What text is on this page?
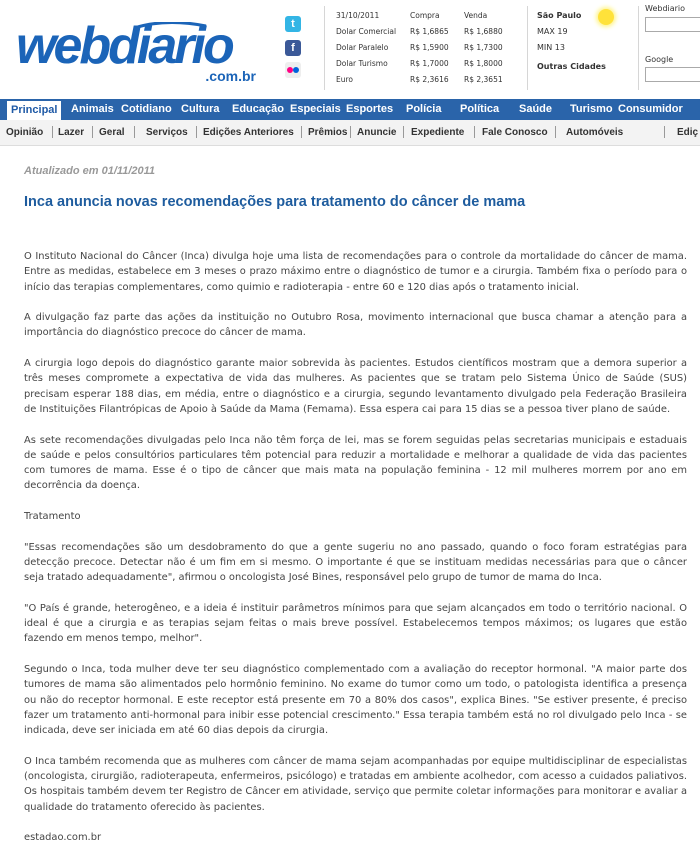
webdiario
.com.br
t
f
31/10/2011	Compra	Venda
Dolar Comercial R$ 1,6865 R$ 1,6880
Dolar Paralelo	R$ 1,5900 R$ 1,7300
Dolar Turismo	R$ 1,7000 R$ 1,8000
Euro	R$ 2,3616 R$ 2,3651
São Paulo
MAX 19
MIN 13
Outras Cidades
Webdiario
Google
Principal	Animais Cotidiano Cultura Educação Especiais Esportes Polícia Política Saúde Turismo Consumidor
Opinião Lazer Geral Serviços Edições Anteriores Prêmios Anuncie Expediente Fale Conosco Automóveis	Ediç
Atualizado em 01/11/2011
Inca anuncia novas recomendações para tratamento do câncer de mama

O Instituto Nacional do Câncer (Inca) divulga hoje uma lista de recomendações para o controle da mortalidade do câncer de mama. Entre as medidas, estabelece em 3 meses o prazo máximo entre o diagnóstico de tumor e a cirurgia. Também fixa o período para o início das terapias complementares, como quimio e radioterapia - entre 60 e 120 dias após o tratamento inicial.

A divulgação faz parte das ações da instituição no Outubro Rosa, movimento internacional que busca chamar a atenção para a importância do diagnóstico precoce do câncer de mama.

A cirurgia logo depois do diagnóstico garante maior sobrevida às pacientes. Estudos científicos mostram que a demora superior a três meses compromete a expectativa de vida das mulheres. As pacientes que se tratam pelo Sistema Único de Saúde (SUS) precisam esperar 188 dias, em média, entre o diagnóstico e a cirurgia, segundo levantamento divulgado pela Federação Brasileira de Instituições Filantrópicas de Apoio à Saúde da Mama (Femama). Essa espera cai para 15 dias se a pessoa tiver plano de saúde.

As sete recomendações divulgadas pelo Inca não têm força de lei, mas se forem seguidas pelas secretarias municipais e estaduais de saúde e pelos consultórios particulares têm potencial para reduzir a mortalidade e melhorar a qualidade de vida das pacientes com tumores de mama. Esse é o tipo de câncer que mais mata na população feminina - 12 mil mulheres morrem por ano em decorrência da doença.

Tratamento

"Essas recomendações são um desdobramento do que a gente sugeriu no ano passado, quando o foco foram estratégias para detecção precoce. Detectar não é um fim em si mesmo. O importante é que se instituam medidas necessárias para que o câncer seja tratado adequadamente", afirmou o oncologista José Bines, responsável pelo grupo de tumor de mama do Inca.

"O País é grande, heterogêneo, e a ideia é instituir parâmetros mínimos para que sejam alcançados em todo o território nacional. O ideal é que a cirurgia e as terapias sejam feitas o mais breve possível. Estabelecemos tempos máximos; os lugares que estão fazendo em menos tempo, melhor".

Segundo o Inca, toda mulher deve ter seu diagnóstico complementado com a avaliação do receptor hormonal. "A maior parte dos tumores de mama são alimentados pelo hormônio feminino. No exame do tumor como um todo, o patologista identifica a presença ou não do receptor hormonal. E este receptor está presente em 70 a 80% dos casos", explica Bines. "Se estiver presente, é preciso fazer um tratamento anti-hormonal para inibir esse potencial crescimento." Essa terapia também está no rol divulgado pelo Inca - se indicada, deve ser iniciada em até 60 dias depois da cirurgia.

O Inca também recomenda que as mulheres com câncer de mama sejam acompanhadas por equipe multidisciplinar de especialistas (oncologista, cirurgião, radioterapeuta, enfermeiros, psicólogo) e tratadas em ambiente acolhedor, com acesso a cuidados paliativos. Os hospitais também devem ter Registro de Câncer em atividade, serviço que permite coletar informações para monitorar e avaliar a qualidade do tratamento oferecido às pacientes.

estadao.com.br
